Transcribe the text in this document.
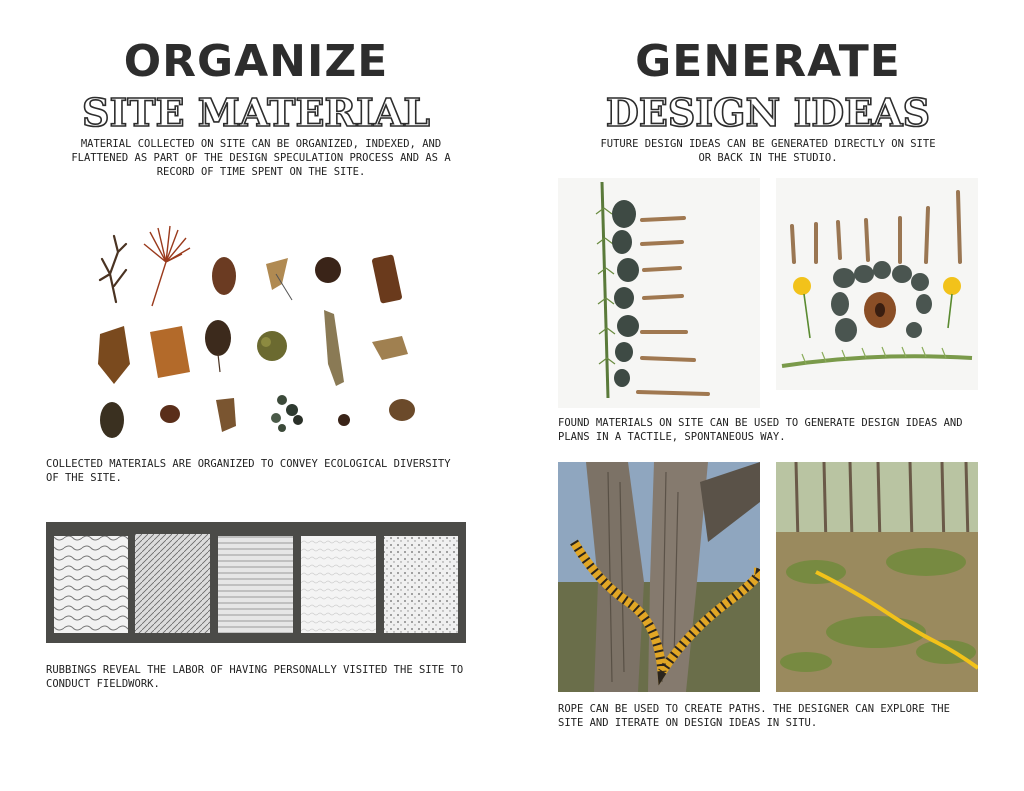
ORGANIZE
SITE MATERIAL
MATERIAL COLLECTED ON SITE CAN BE ORGANIZED, INDEXED, AND FLATTENED AS PART OF THE DESIGN SPECULATION PROCESS AND AS A RECORD OF TIME SPENT ON THE SITE.
COLLECTED MATERIALS ARE ORGANIZED TO CONVEY ECOLOGICAL DIVERSITY OF THE SITE.
RUBBINGS REVEAL THE LABOR OF HAVING PERSONALLY VISITED THE SITE TO CONDUCT FIELDWORK.
GENERATE
DESIGN IDEAS
FUTURE DESIGN IDEAS CAN BE GENERATED DIRECTLY ON SITE OR BACK IN THE STUDIO.
FOUND MATERIALS ON SITE CAN BE USED TO GENERATE DESIGN IDEAS AND PLANS IN A TACTILE, SPONTANEOUS WAY.
ROPE CAN BE USED TO CREATE PATHS. THE DESIGNER CAN EXPLORE THE SITE AND ITERATE ON DESIGN IDEAS IN SITU.
